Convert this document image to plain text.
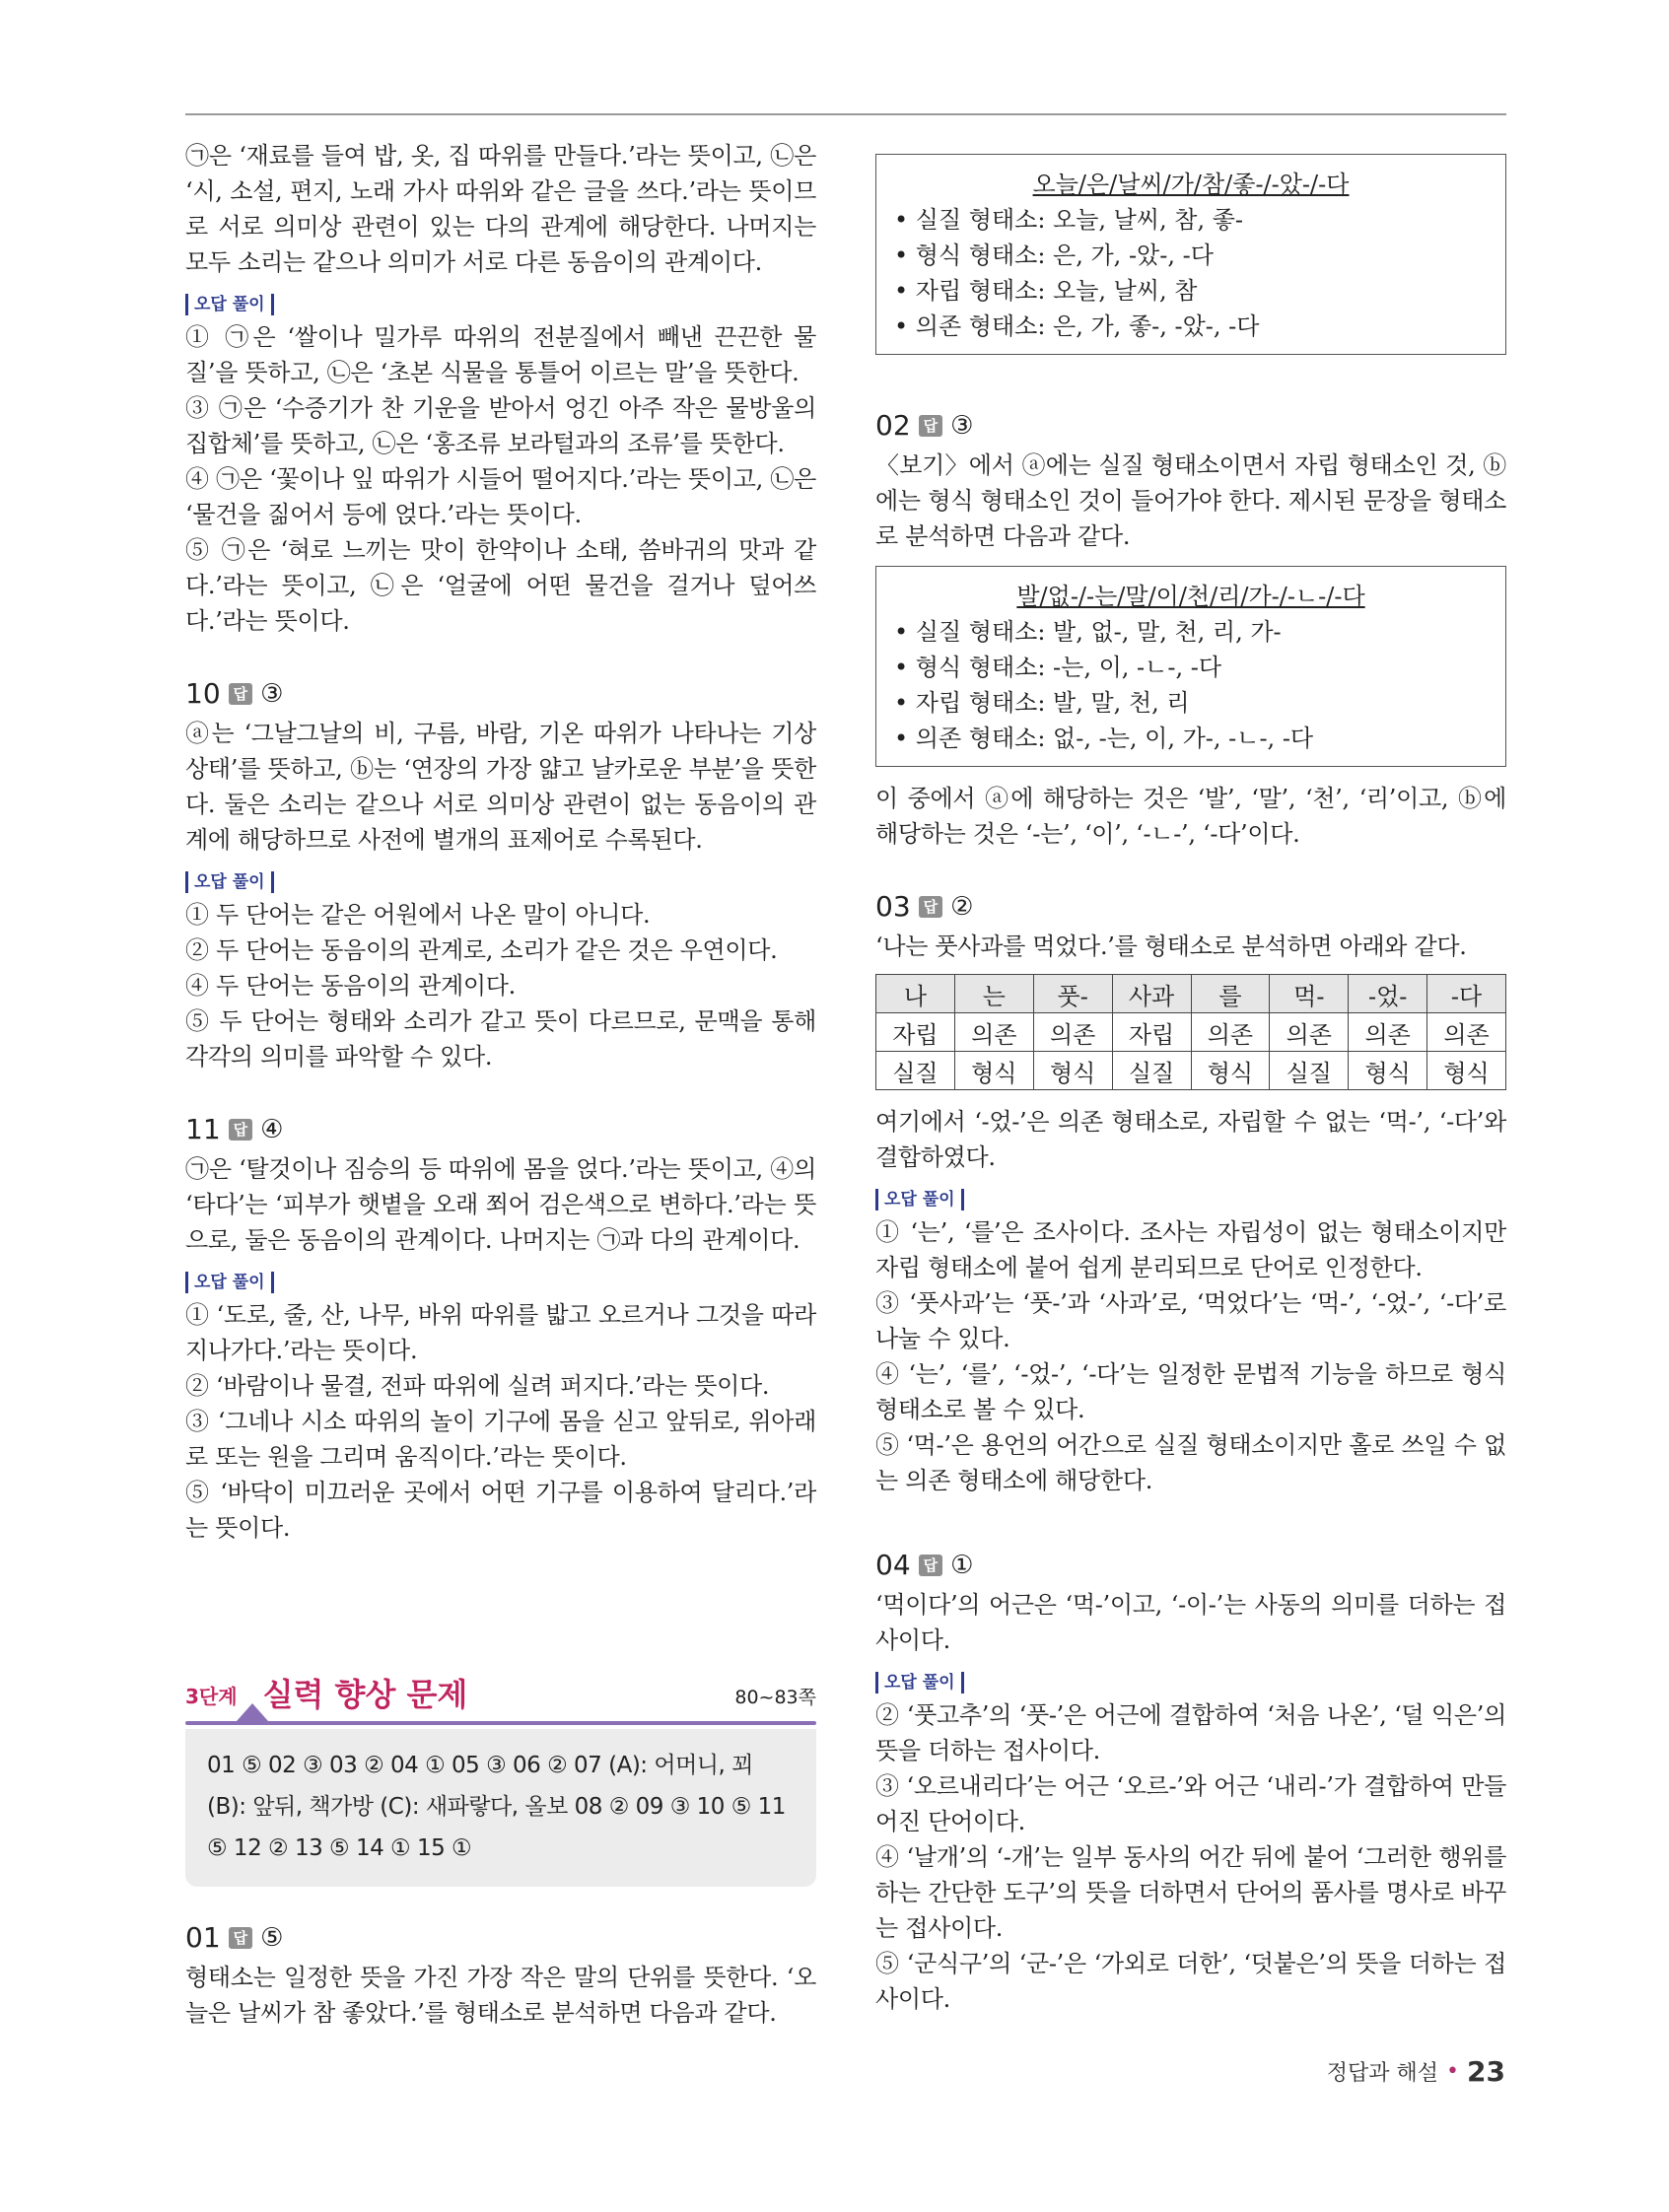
㉠은 ‘재료를 들여 밥, 옷, 집 따위를 만들다.’라는 뜻이고, ㉡은 ‘시, 소설, 편지, 노래 가사 따위와 같은 글을 쓰다.’라는 뜻이므로 서로 의미상 관련이 있는 다의 관계에 해당한다. 나머지는 모두 소리는 같으나 의미가 서로 다른 동음이의 관계이다.

오답 풀이

① ㉠은 ‘쌀이나 밀가루 따위의 전분질에서 빼낸 끈끈한 물질’을 뜻하고, ㉡은 ‘초본 식물을 통틀어 이르는 말’을 뜻한다.

③ ㉠은 ‘수증기가 찬 기운을 받아서 엉긴 아주 작은 물방울의 집합체’를 뜻하고, ㉡은 ‘홍조류 보라털과의 조류’를 뜻한다.

④ ㉠은 ‘꽃이나 잎 따위가 시들어 떨어지다.’라는 뜻이고, ㉡은 ‘물건을 짊어서 등에 얹다.’라는 뜻이다.

⑤ ㉠은 ‘혀로 느끼는 맛이 한약이나 소태, 씀바귀의 맛과 같다.’라는 뜻이고, ㉡은 ‘얼굴에 어떤 물건을 걸거나 덮어쓰다.’라는 뜻이다.

10 답 ③

ⓐ는 ‘그날그날의 비, 구름, 바람, 기온 따위가 나타나는 기상 상태’를 뜻하고, ⓑ는 ‘연장의 가장 얇고 날카로운 부분’을 뜻한다. 둘은 소리는 같으나 서로 의미상 관련이 없는 동음이의 관계에 해당하므로 사전에 별개의 표제어로 수록된다.

오답 풀이

① 두 단어는 같은 어원에서 나온 말이 아니다.

② 두 단어는 동음이의 관계로, 소리가 같은 것은 우연이다.

④ 두 단어는 동음이의 관계이다.

⑤ 두 단어는 형태와 소리가 같고 뜻이 다르므로, 문맥을 통해 각각의 의미를 파악할 수 있다.

11 답 ④

㉠은 ‘탈것이나 짐승의 등 따위에 몸을 얹다.’라는 뜻이고, ④의 ‘타다’는 ‘피부가 햇볕을 오래 쬐어 검은색으로 변하다.’라는 뜻으로, 둘은 동음이의 관계이다. 나머지는 ㉠과 다의 관계이다.

오답 풀이

① ‘도로, 줄, 산, 나무, 바위 따위를 밟고 오르거나 그것을 따라 지나가다.’라는 뜻이다.

② ‘바람이나 물결, 전파 따위에 실려 퍼지다.’라는 뜻이다.

③ ‘그네나 시소 따위의 놀이 기구에 몸을 싣고 앞뒤로, 위아래로 또는 원을 그리며 움직이다.’라는 뜻이다.

⑤ ‘바닥이 미끄러운 곳에서 어떤 기구를 이용하여 달리다.’라는 뜻이다.

3단계 실력 향상 문제	80~83쪽
01 ⑤ 02 ③ 03 ② 04 ① 05 ③ 06 ② 07 (A): 어머니, 꾀 (B): 앞뒤, 책가방 (C): 새파랗다, 올보 08 ② 09 ③ 10 ⑤ 11 ⑤ 12 ② 13 ⑤ 14 ① 15 ①
01 답 ⑤

형태소는 일정한 뜻을 가진 가장 작은 말의 단위를 뜻한다. ‘오늘은 날씨가 참 좋았다.’를 형태소로 분석하면 다음과 같다.

오늘/은/날씨/가/참/좋-/-았-/-다
• 실질 형태소: 오늘, 날씨, 참, 좋-
• 형식 형태소: 은, 가, -았-, -다
• 자립 형태소: 오늘, 날씨, 참
• 의존 형태소: 은, 가, 좋-, -았-, -다
02 답 ③

〈보기〉에서 ⓐ에는 실질 형태소이면서 자립 형태소인 것, ⓑ에는 형식 형태소인 것이 들어가야 한다. 제시된 문장을 형태소로 분석하면 다음과 같다.

발/없-/-는/말/이/천/리/가-/-ㄴ-/-다
• 실질 형태소: 발, 없-, 말, 천, 리, 가-
• 형식 형태소: -는, 이, -ㄴ-, -다
• 자립 형태소: 발, 말, 천, 리
• 의존 형태소: 없-, -는, 이, 가-, -ㄴ-, -다

이 중에서 ⓐ에 해당하는 것은 ‘발’, ‘말’, ‘천’, ‘리’이고, ⓑ에 해당하는 것은 ‘-는’, ‘이’, ‘-ㄴ-’, ‘-다’이다.

03 답 ②

‘나는 풋사과를 먹었다.’를 형태소로 분석하면 아래와 같다.

나	는	풋-	사과	를	먹-	-었-	-다
자립	의존	의존	자립	의존	의존	의존	의존
실질	형식	형식	실질	형식	실질	형식	형식

여기에서 ‘-었-’은 의존 형태소로, 자립할 수 없는 ‘먹-’, ‘-다’와 결합하였다.

오답 풀이

① ‘는’, ‘를’은 조사이다. 조사는 자립성이 없는 형태소이지만 자립 형태소에 붙어 쉽게 분리되므로 단어로 인정한다.

③ ‘풋사과’는 ‘풋-’과 ‘사과’로, ‘먹었다’는 ‘먹-’, ‘-었-’, ‘-다’로 나눌 수 있다.

④ ‘는’, ‘를’, ‘-었-’, ‘-다’는 일정한 문법적 기능을 하므로 형식 형태소로 볼 수 있다.

⑤ ‘먹-’은 용언의 어간으로 실질 형태소이지만 홀로 쓰일 수 없는 의존 형태소에 해당한다.

04 답 ①

‘먹이다’의 어근은 ‘먹-’이고, ‘-이-’는 사동의 의미를 더하는 접사이다.

오답 풀이

② ‘풋고추’의 ‘풋-’은 어근에 결합하여 ‘처음 나온’, ‘덜 익은’의 뜻을 더하는 접사이다.

③ ‘오르내리다’는 어근 ‘오르-’와 어근 ‘내리-’가 결합하여 만들어진 단어이다.

④ ‘날개’의 ‘-개’는 일부 동사의 어간 뒤에 붙어 ‘그러한 행위를 하는 간단한 도구’의 뜻을 더하면서 단어의 품사를 명사로 바꾸는 접사이다.

⑤ ‘군식구’의 ‘군-’은 ‘가외로 더한’, ‘덧붙은’의 뜻을 더하는 접사이다.

정답과 해설 • 23
